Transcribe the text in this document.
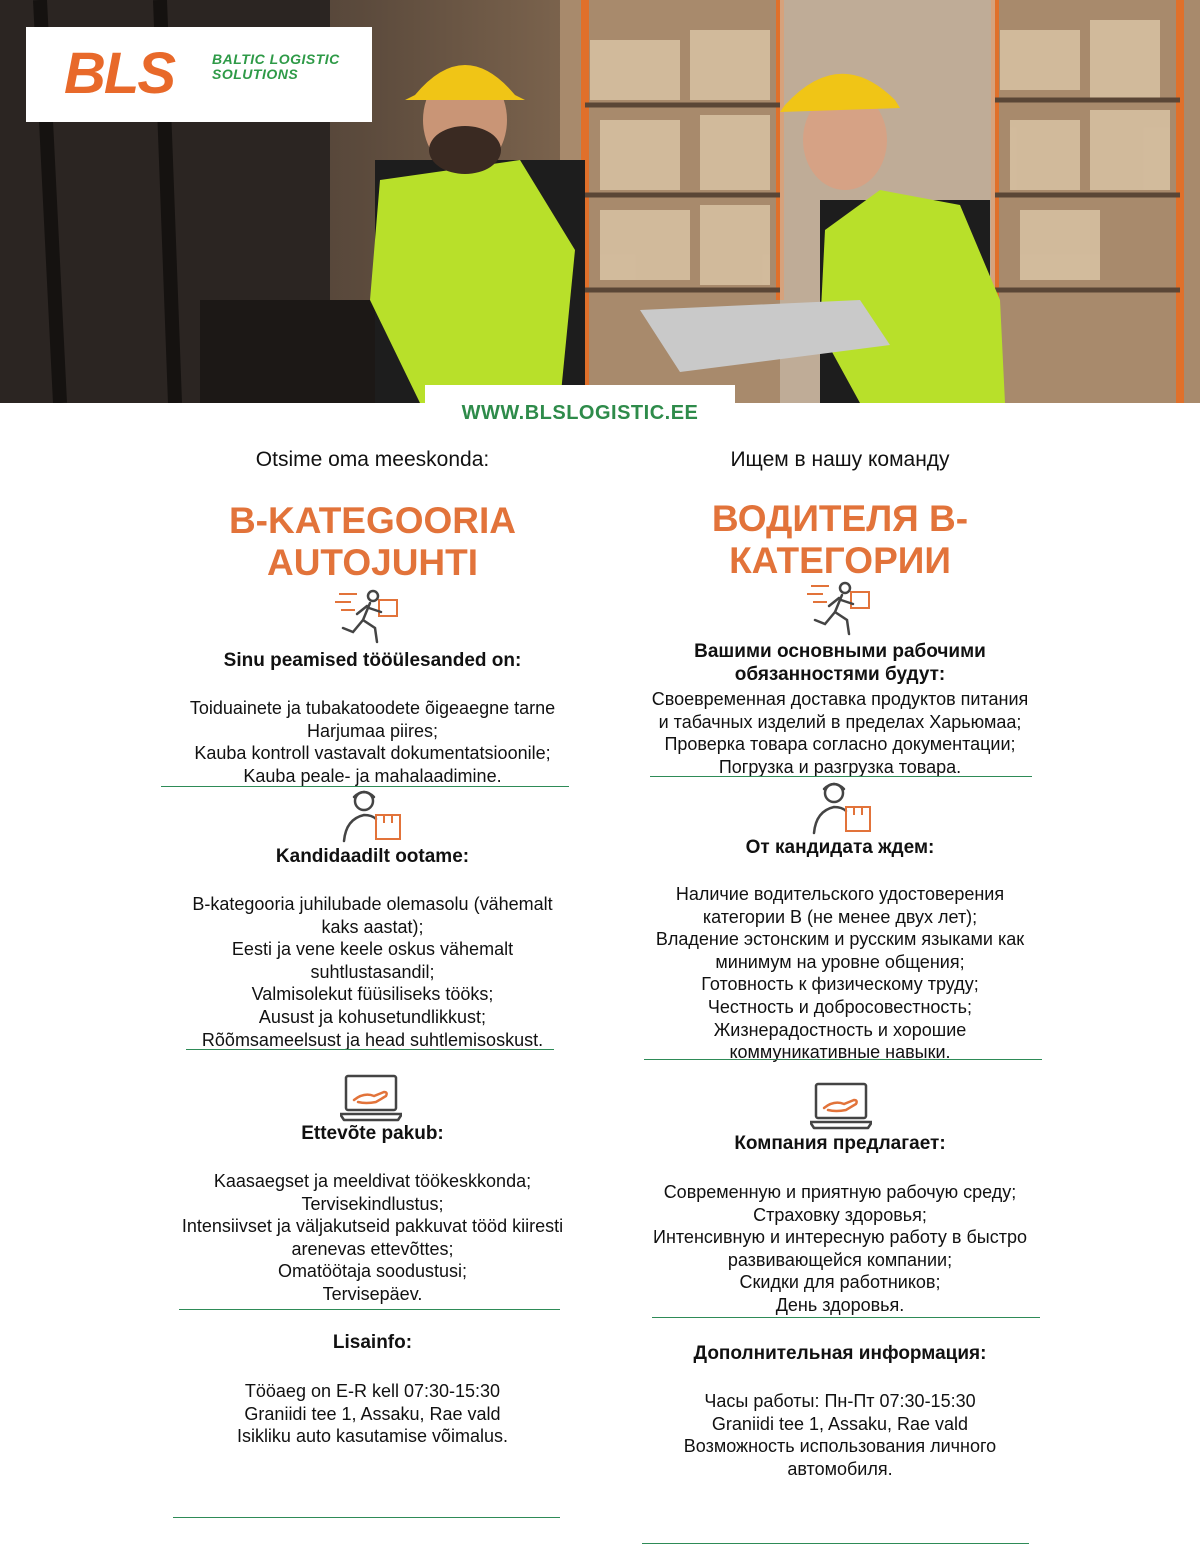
BLS	BALTIC LOGISTIC
SOLUTIONS
WWW.BLSLOGISTIC.EE
Otsime oma meeskonda:
B-KATEGOORIA
AUTOJUHTI
Sinu peamised tööülesanded on:
Toiduainete ja tubakatoodete õigeaegne tarne
Harjumaa piires;
Kauba kontroll vastavalt dokumentatsioonile;
Kauba peale- ja mahalaadimine.
Kandidaadilt ootame:
B-kategooria juhilubade olemasolu (vähemalt
kaks aastat);
Eesti ja vene keele oskus vähemalt
suhtlustasandil;
Valmisolekut füüsiliseks tööks;
Ausust ja kohusetundlikkust;
Rõõmsameelsust ja head suhtlemisoskust.
Ettevõte pakub:
Kaasaegset ja meeldivat töökeskkonda;
Tervisekindlustus;
Intensiivset ja väljakutseid pakkuvat tööd kiiresti
arenevas ettevõttes;
Omatöötaja soodustusi;
Tervisepäev.
Lisainfo:
Tööaeg on E-R kell 07:30-15:30
Graniidi tee 1, Assaku, Rae vald
Isikliku auto kasutamise võimalus.
Ищем в нашу команду
ВОДИТЕЛЯ В-
КАТЕГОРИИ
Вашими основными рабочими
обязанностями будут:
Своевременная доставка продуктов питания
и табачных изделий в пределах Харьюмаа;
Проверка товара согласно документации;
Погрузка и разгрузка товара.
От кандидата ждем:
Наличие водительского удостоверения
категории В (не менее двух лет);
Владение эстонским и русским языками как
минимум на уровне общения;
Готовность к физическому труду;
Честность и добросовестность;
Жизнерадостность и хорошие
коммуникативные навыки.
Компания предлагает:
Современную и приятную рабочую среду;
Страховку здоровья;
Интенсивную и интересную работу в быстро
развивающейся компании;
Скидки для работников;
День здоровья.
Дополнительная информация:
Часы работы: Пн-Пт 07:30-15:30
Graniidi tee 1, Assaku, Rae vald
Возможность использования личного
автомобиля.
